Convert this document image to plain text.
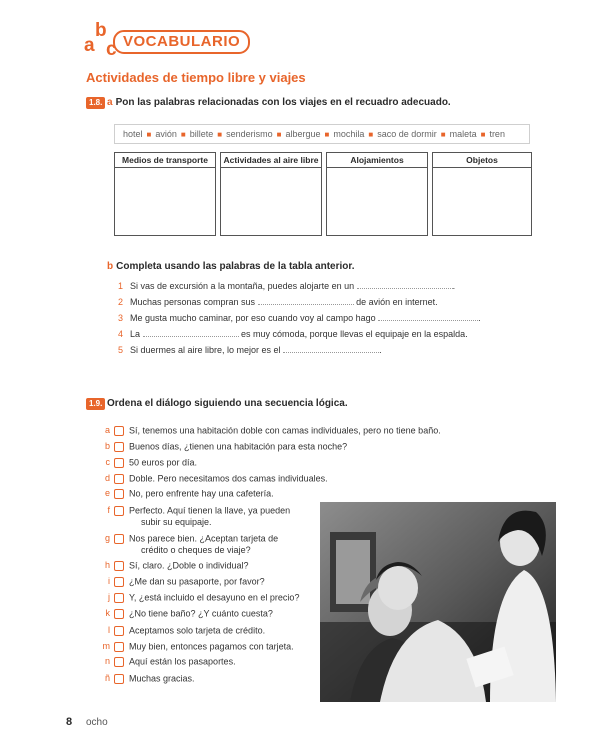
a
b
c VOCABULARIO
Actividades de tiempo libre y viajes
1.8. a Pon las palabras relacionadas con los viajes en el recuadro adecuado.
hotel ■ avión ■ billete ■ senderismo ■ albergue ■ mochila ■ saco de dormir ■ maleta ■ tren
Medios de transporte	Actividades al aire libre	Alojamientos	Objetos
b Completa usando las palabras de la tabla anterior.
1 Si vas de excursión a la montaña, puedes alojarte en un	.
2 Muchas personas compran sus	de avión en internet.
3 Me gusta mucho caminar, por eso cuando voy al campo hago	.
4 La	es muy cómoda, porque llevas el equipaje en la espalda.
5 Si duermes al aire libre, lo mejor es el	.
1.9. Ordena el diálogo siguiendo una secuencia lógica.
a Sí, tenemos una habitación doble con camas individuales, pero no tiene baño.
b Buenos días, ¿tienen una habitación para esta noche?
c 50 euros por día.
d Doble. Pero necesitamos dos camas individuales.
e No, pero enfrente hay una cafetería.
f Perfecto. Aquí tienen la llave, ya pueden
subir su equipaje.
g Nos parece bien. ¿Aceptan tarjeta de
crédito o cheques de viaje?
h Sí, claro. ¿Doble o individual?
i ¿Me dan su pasaporte, por favor?
j Y, ¿está incluido el desayuno en el precio?
k ¿No tiene baño? ¿Y cuánto cuesta?
l Aceptamos solo tarjeta de crédito.
m Muy bien, entonces pagamos con tarjeta.
n Aquí están los pasaportes.
ñ Muchas gracias.
8 ocho
